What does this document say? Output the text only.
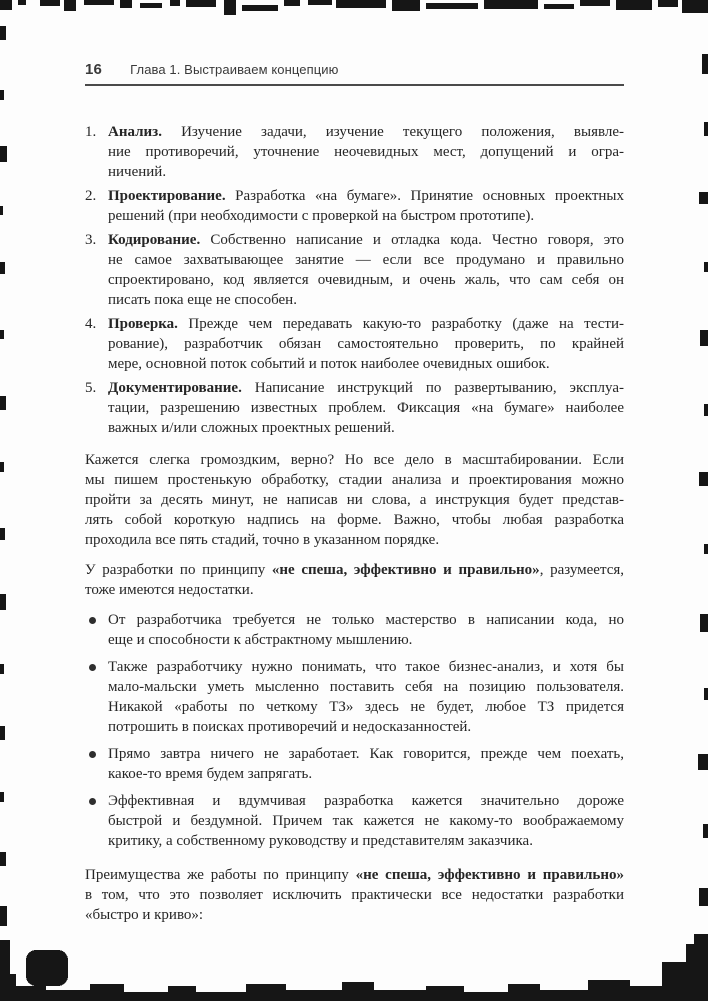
16 Глава 1. Выстраиваем концепцию
1. Анализ. Изучение задачи, изучение текущего положения, выявле-
ние противоречий, уточнение неочевидных мест, допущений и огра-
ничений.
2. Проектирование. Разработка «на бумаге». Принятие основных проектных
решений (при необходимости с проверкой на быстром прототипе).
3. Кодирование. Собственно написание и отладка кода. Честно говоря, это
не самое захватывающее занятие — если все продумано и правильно
спроектировано, код является очевидным, и очень жаль, что сам себя он
писать пока еще не способен.
4. Проверка. Прежде чем передавать какую-то разработку (даже на тести-
рование), разработчик обязан самостоятельно проверить, по крайней
мере, основной поток событий и поток наиболее очевидных ошибок.
5. Документирование. Написание инструкций по развертыванию, эксплуа-
тации, разрешению известных проблем. Фиксация «на бумаге» наиболее
важных и/или сложных проектных решений.
Кажется слегка громоздким, верно? Но все дело в масштабировании. Если
мы пишем простенькую обработку, стадии анализа и проектирования можно
пройти за десять минут, не написав ни слова, а инструкция будет представ-
лять собой короткую надпись на форме. Важно, чтобы любая разработка
проходила все пять стадий, точно в указанном порядке.
У разработки по принципу «не спеша, эффективно и правильно», разумеется,
тоже имеются недостатки.
От разработчика требуется не только мастерство в написании кода, но
еще и способности к абстрактному мышлению.
Также разработчику нужно понимать, что такое бизнес-анализ, и хотя бы
мало-мальски уметь мысленно поставить себя на позицию пользователя.
Никакой «работы по четкому ТЗ» здесь не будет, любое ТЗ придется
потрошить в поисках противоречий и недосказанностей.
Прямо завтра ничего не заработает. Как говорится, прежде чем поехать,
какое-то время будем запрягать.
Эффективная и вдумчивая разработка кажется значительно дороже
быстрой и бездумной. Причем так кажется не какому-то воображаемому
критику, а собственному руководству и представителям заказчика.
Преимущества же работы по принципу «не спеша, эффективно и правильно»
в том, что это позволяет исключить практически все недостатки разработки
«быстро и криво»:
